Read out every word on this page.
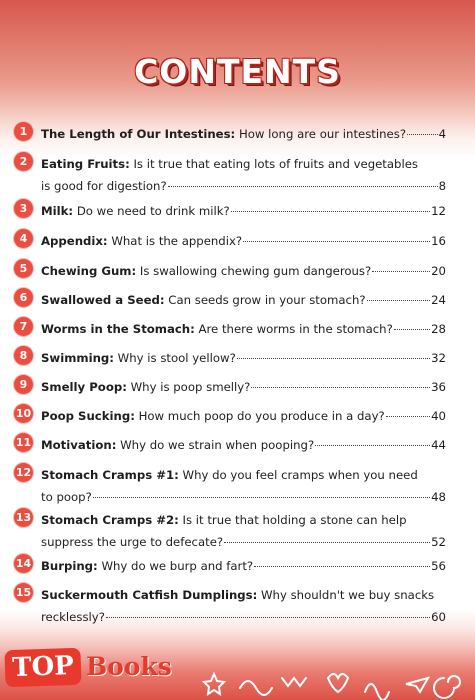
CONTENTS
1	The Length of Our Intestines: How long are our intestines?	4
2	Eating Fruits: Is it true that eating lots of fruits and vegetables
is good for digestion?	8
3	Milk: Do we need to drink milk?	12
4	Appendix: What is the appendix?	16
5	Chewing Gum: Is swallowing chewing gum dangerous?	20
6	Swallowed a Seed: Can seeds grow in your stomach?	24
7	Worms in the Stomach: Are there worms in the stomach?	28
8	Swimming: Why is stool yellow?	32
9	Smelly Poop: Why is poop smelly?	36
10 Poop Sucking: How much poop do you produce in a day?	40
11 Motivation: Why do we strain when pooping?	44
12 Stomach Cramps #1: Why do you feel cramps when you need
to poop?	48
13 Stomach Cramps #2: Is it true that holding a stone can help
suppress the urge to defecate?	52
14 Burping: Why do we burp and fart?	56
15 Suckermouth Catfish Dumplings: Why shouldn't we buy snacks
recklessly?	60
TOP Books
